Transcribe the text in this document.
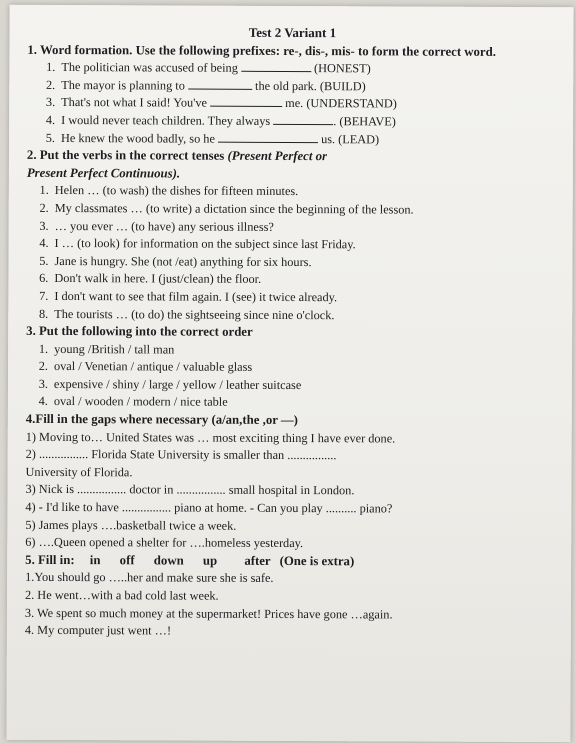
Test 2 Variant 1
1. Word formation. Use the following prefixes: re-, dis-, mis- to form the correct word.
1. The politician was accused of being	(HONEST)
2. The mayor is planning to	the old park. (BUILD)
3. That's not what I said! You've	me. (UNDERSTAND)
4. I would never teach children. They always	. (BEHAVE)
5. He knew the wood badly, so he	us. (LEAD)
2. Put the verbs in the correct tenses (Present Perfect or
Present Perfect Continuous).
1. Helen … (to wash) the dishes for fifteen minutes.
2. My classmates … (to write) a dictation since the beginning of the lesson.
3. … you ever … (to have) any serious illness?
4. I … (to look) for information on the subject since last Friday.
5. Jane is hungry. She (not /eat) anything for six hours.
6. Don't walk in here. I (just/clean) the floor.
7. I don't want to see that film again. I (see) it twice already.
8. The tourists … (to do) the sightseeing since nine o'clock.
3. Put the following into the correct order
1. young /British / tall man
2. oval / Venetian / antique / valuable glass
3. expensive / shiny / large / yellow / leather suitcase
4. oval / wooden / modern / nice table
4.Fill in the gaps where necessary (a/an,the ,or —)
1) Moving to… United States was … most exciting thing I have ever done.
2) ................ Florida State University is smaller than ................
University of Florida.
3) Nick is ................ doctor in ................ small hospital in London.
4) - I'd like to have ................ piano at home. - Can you play .......... piano?
5) James plays ….basketball twice a week.
6) ….Queen opened a shelter for ….homeless yesterday.
5. Fill in: in off down up after (One is extra)
1.You should go …..her and make sure she is safe.
2. He went…with a bad cold last week.
3. We spent so much money at the supermarket! Prices have gone …again.
4. My computer just went …!
